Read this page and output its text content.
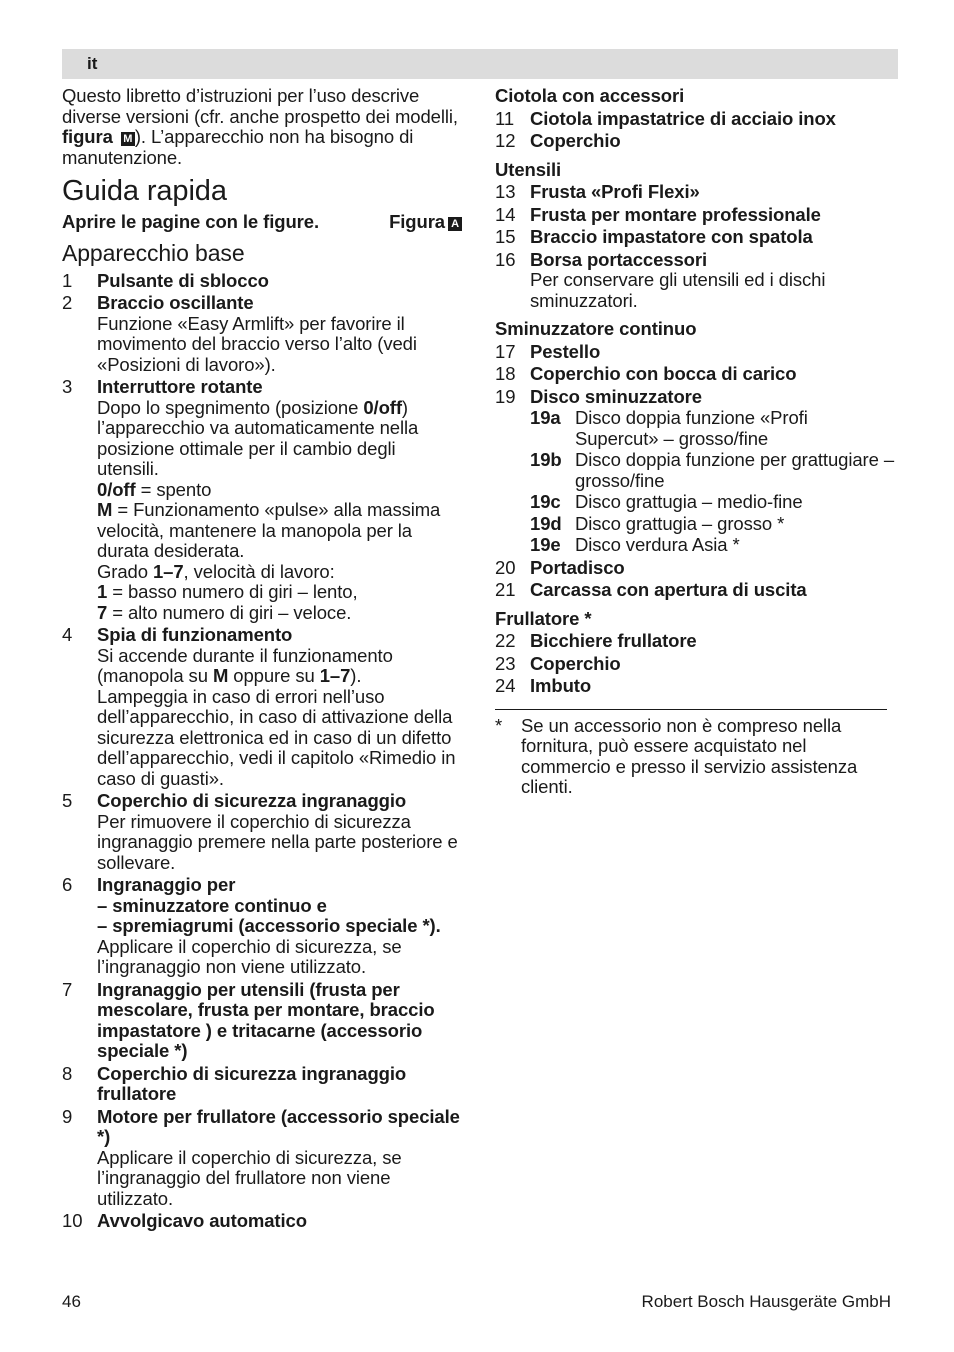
it

Questo libretto d’istruzioni per l’uso descrive diverse versioni (cfr. anche prospetto dei modelli, figura M ). L’apparecchio non ha bisogno di manutenzione.

Guida rapida
Aprire le pagine con le figure.	Figura A
Apparecchio base
1	Pulsante di sblocco
2	Braccio oscillante
Funzione «Easy Armlift» per favorire il movimento del braccio verso l’alto (vedi «Posizioni di lavoro»).
3	Interruttore rotante
Dopo lo spegnimento (posizione 0/off) l’apparecchio va automaticamente nella posizione ottimale per il cambio degli utensili.
0/off = spento
M = Funzionamento «pulse» alla massima velocità, mantenere la manopola per la durata desiderata.
Grado 1–7, velocità di lavoro:
1 = basso numero di giri – lento,
7 = alto numero di giri – veloce.
4	Spia di funzionamento
Si accende durante il funzionamento (manopola su M oppure su 1–7).
Lampeggia in caso di errori nell’uso dell’apparecchio, in caso di attivazione della sicurezza elettronica ed in caso di un difetto dell’apparecchio, vedi il capitolo «Rimedio in caso di guasti».
5	Coperchio di sicurezza ingranaggio
Per rimuovere il coperchio di sicurezza ingranaggio premere nella parte posteriore e sollevare.
6	Ingranaggio per
– sminuzzatore continuo e
– spremiagrumi (accessorio speciale *).
Applicare il coperchio di sicurezza, se l’ingranaggio non viene utilizzato.
7	Ingranaggio per utensili (frusta per mescolare, frusta per montare, braccio impastatore ) e tritacarne (accessorio speciale *)
8	Coperchio di sicurezza ingranaggio frullatore
9	Motore per frullatore (accessorio speciale *)
Applicare il coperchio di sicurezza, se l’ingranaggio del frullatore non viene utilizzato.
10 Avvolgicavo automatico
Ciotola con accessori
11 Ciotola impastatrice di acciaio inox
12 Coperchio
Utensili
13 Frusta «Profi Flexi»
14 Frusta per montare professionale
15 Braccio impastatore con spatola
16 Borsa portaccessori
Per conservare gli utensili ed i dischi sminuzzatori.
Sminuzzatore continuo
17 Pestello
18 Coperchio con bocca di carico
19 Disco sminuzzatore
19a Disco doppia funzione «Profi Supercut» – grosso/fine
19b Disco doppia funzione per grattugiare – grosso/fine
19c Disco grattugia – medio-fine
19d Disco grattugia – grosso *
19e Disco verdura Asia *
20 Portadisco
21 Carcassa con apertura di uscita
Frullatore *
22 Bicchiere frullatore
23 Coperchio
24 Imbuto
*	Se un accessorio non è compreso nella fornitura, può essere acquistato nel commercio e presso il servizio assistenza clienti.
46	Robert Bosch Hausgeräte GmbH
